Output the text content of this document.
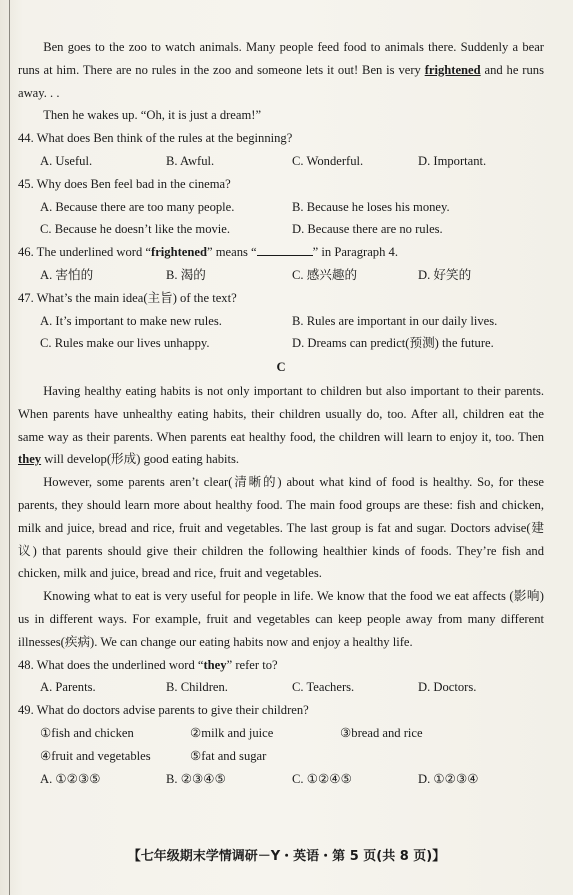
Ben goes to the zoo to watch animals. Many people feed food to animals there. Suddenly a bear runs at him. There are no rules in the zoo and someone lets it out! Ben is very frightened and he runs away. . .

Then he wakes up. “Oh, it is just a dream!”

44. What does Ben think of the rules at the beginning?

A. Useful.	B. Awful.	C. Wonderful.	D. Important.

45. Why does Ben feel bad in the cinema?

A. Because there are too many people.	B. Because he loses his money.
C. Because he doesn’t like the movie.	D. Because there are no rules.

46. The underlined word “frightened” means “	” in Paragraph 4.

A. 害怕的	B. 渴的	C. 感兴趣的	D. 好笑的

47. What’s the main idea(主旨) of the text?

A. It’s important to make new rules.	B. Rules are important in our daily lives.
C. Rules make our lives unhappy.	D. Dreams can predict(预测) the future.

C

Having healthy eating habits is not only important to children but also important to their parents. When parents have unhealthy eating habits, their children usually do, too. After all, children eat the same way as their parents. When parents eat healthy food, the children will learn to enjoy it, too. Then they will develop(形成) good eating habits.

However, some parents aren’t clear(清晰的) about what kind of food is healthy. So, for these parents, they should learn more about healthy food. The main food groups are these: fish and chicken, milk and juice, bread and rice, fruit and vegetables. The last group is fat and sugar. Doctors advise(建议) that parents should give their children the following healthier kinds of foods. They’re fish and chicken, milk and juice, bread and rice, fruit and vegetables.

Knowing what to eat is very useful for people in life. We know that the food we eat affects (影响) us in different ways. For example, fruit and vegetables can keep people away from many different illnesses(疾病). We can change our eating habits now and enjoy a healthy life.

48. What does the underlined word “they” refer to?

A. Parents.	B. Children.	C. Teachers.	D. Doctors.

49. What do doctors advise parents to give their children?

①fish and chicken	②milk and juice	③bread and rice
④fruit and vegetables	⑤fat and sugar
A. ①②③⑤	B. ②③④⑤	C. ①②④⑤	D. ①②③④
【七年级期末学情调研－Y・英语・第 5 页(共 8 页)】
